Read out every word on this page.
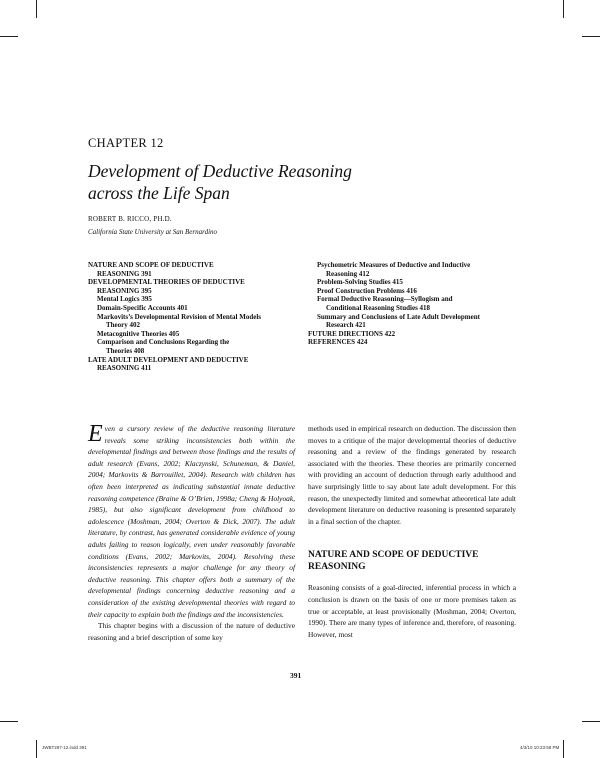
CHAPTER 12
Development of Deductive Reasoning
across the Life Span
ROBERT B. RICCO, PH.D.
California State University at San Bernardino
NATURE AND SCOPE OF DEDUCTIVE
REASONING 391
DEVELOPMENTAL THEORIES OF DEDUCTIVE
REASONING 395
Mental Logics 395
Domain-Specific Accounts 401
Markovits’s Developmental Revision of Mental Models
Theory 402
Metacognitive Theories 405
Comparison and Conclusions Regarding the
Theories 408
LATE ADULT DEVELOPMENT AND DEDUCTIVE
REASONING 411
Psychometric Measures of Deductive and Inductive
Reasoning 412
Problem-Solving Studies 415
Proof Construction Problems 416
Formal Deductive Reasoning—Syllogism and
Conditional Reasoning Studies 418
Summary and Conclusions of Late Adult Development
Research 421
FUTURE DIRECTIONS 422
REFERENCES 424

Even a cursory review of the deductive reasoning literature reveals some striking inconsistencies both within the developmental findings and between those findings and the results of adult research (Evans, 2002; Klaczynski, Schuneman, & Daniel, 2004; Markovits & Barrouillet, 2004). Research with children has often been interpreted as indicating substantial innate deductive reasoning competence (Braine & O’Brien, 1998a; Cheng & Holyoak, 1985), but also significant development from childhood to adolescence (Moshman, 2004; Overton & Dick, 2007). The adult literature, by contrast, has generated considerable evidence of young adults failing to reason logically, even under reasonably favorable conditions (Evans, 2002; Markovits, 2004). Resolving these inconsistencies represents a major challenge for any theory of deductive reasoning. This chapter offers both a summary of the developmental findings concerning deductive reasoning and a consideration of the existing developmental theories with regard to their capacity to explain both the findings and the inconsistencies.

This chapter begins with a discussion of the nature of deductive reasoning and a brief description of some key

methods used in empirical research on deduction. The discussion then moves to a critique of the major developmental theories of deductive reasoning and a review of the findings generated by research associated with the theories. These theories are primarily concerned with providing an account of deduction through early adulthood and have surprisingly little to say about late adult development. For this reason, the unexpectedly limited and somewhat atheoretical late adult development literature on deductive reasoning is presented separately in a final section of the chapter.

NATURE AND SCOPE OF DEDUCTIVE
REASONING

Reasoning consists of a goal-directed, inferential process in which a conclusion is drawn on the basis of one or more premises taken as true or acceptable, at least provisionally (Moshman, 2004; Overton, 1990). There are many types of inference and, therefore, of reasoning. However, most

391
JWBT287-12.indd 391	4/3/10 10:23:58 PM
